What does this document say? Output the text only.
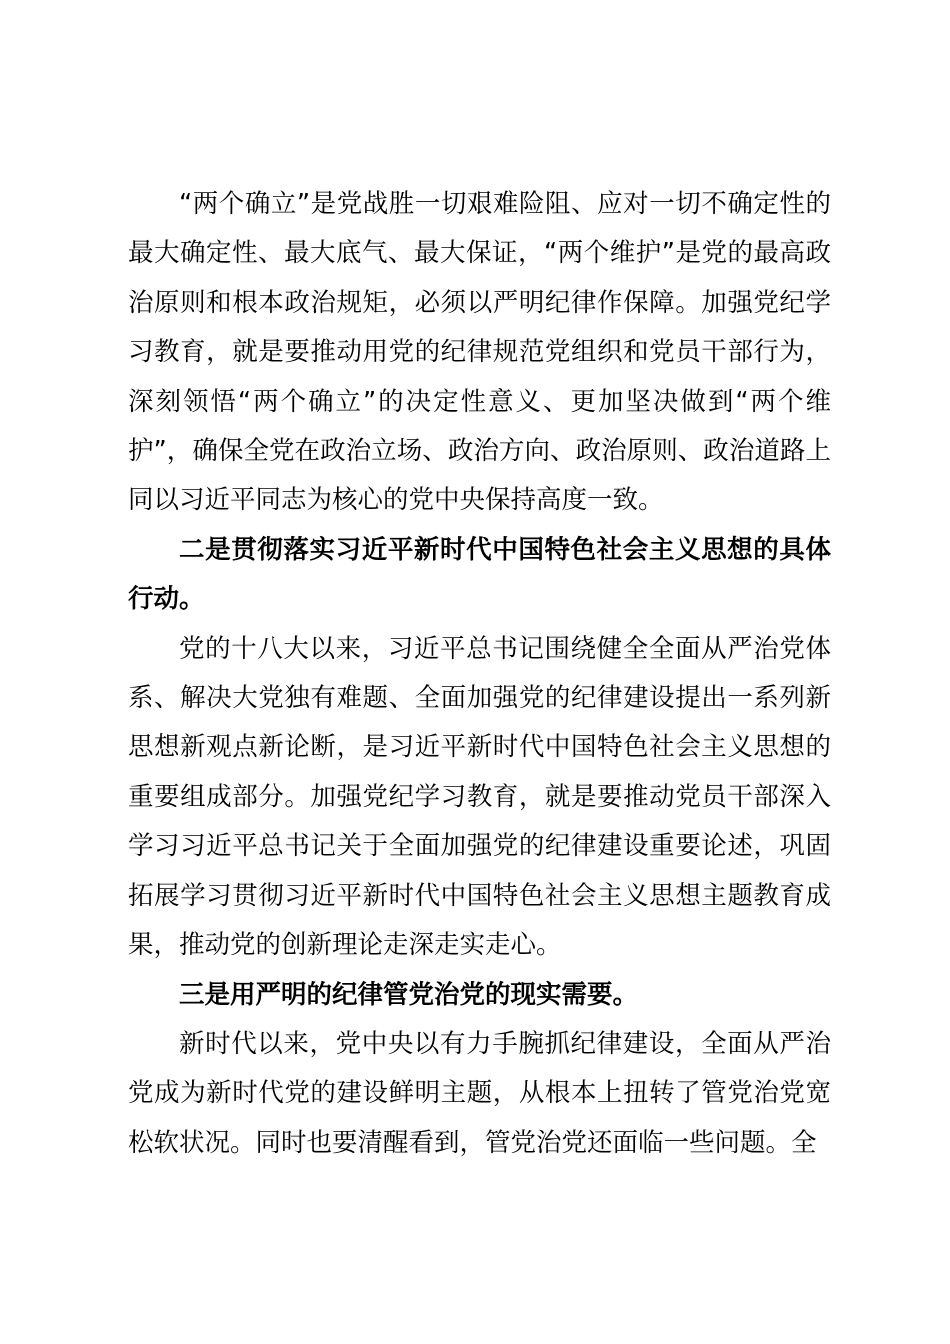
“两个确立”是党战胜一切艰难险阻、应对一切不确定性的最大确定性、最大底气、最大保证，“两个维护”是党的最高政治原则和根本政治规矩，必须以严明纪律作保障。加强党纪学习教育，就是要推动用党的纪律规范党组织和党员干部行为，深刻领悟“两个确立”的决定性意义、更加坚决做到“两个维护”，确保全党在政治立场、政治方向、政治原则、政治道路上同以习近平同志为核心的党中央保持高度一致。

二是贯彻落实习近平新时代中国特色社会主义思想的具体行动。

党的十八大以来，习近平总书记围绕健全全面从严治党体系、解决大党独有难题、全面加强党的纪律建设提出一系列新思想新观点新论断，是习近平新时代中国特色社会主义思想的重要组成部分。加强党纪学习教育，就是要推动党员干部深入学习习近平总书记关于全面加强党的纪律建设重要论述，巩固拓展学习贯彻习近平新时代中国特色社会主义思想主题教育成果，推动党的创新理论走深走实走心。

三是用严明的纪律管党治党的现实需要。

新时代以来，党中央以有力手腕抓纪律建设，全面从严治党成为新时代党的建设鲜明主题，从根本上扭转了管党治党宽松软状况。同时也要清醒看到，管党治党还面临一些问题。全
